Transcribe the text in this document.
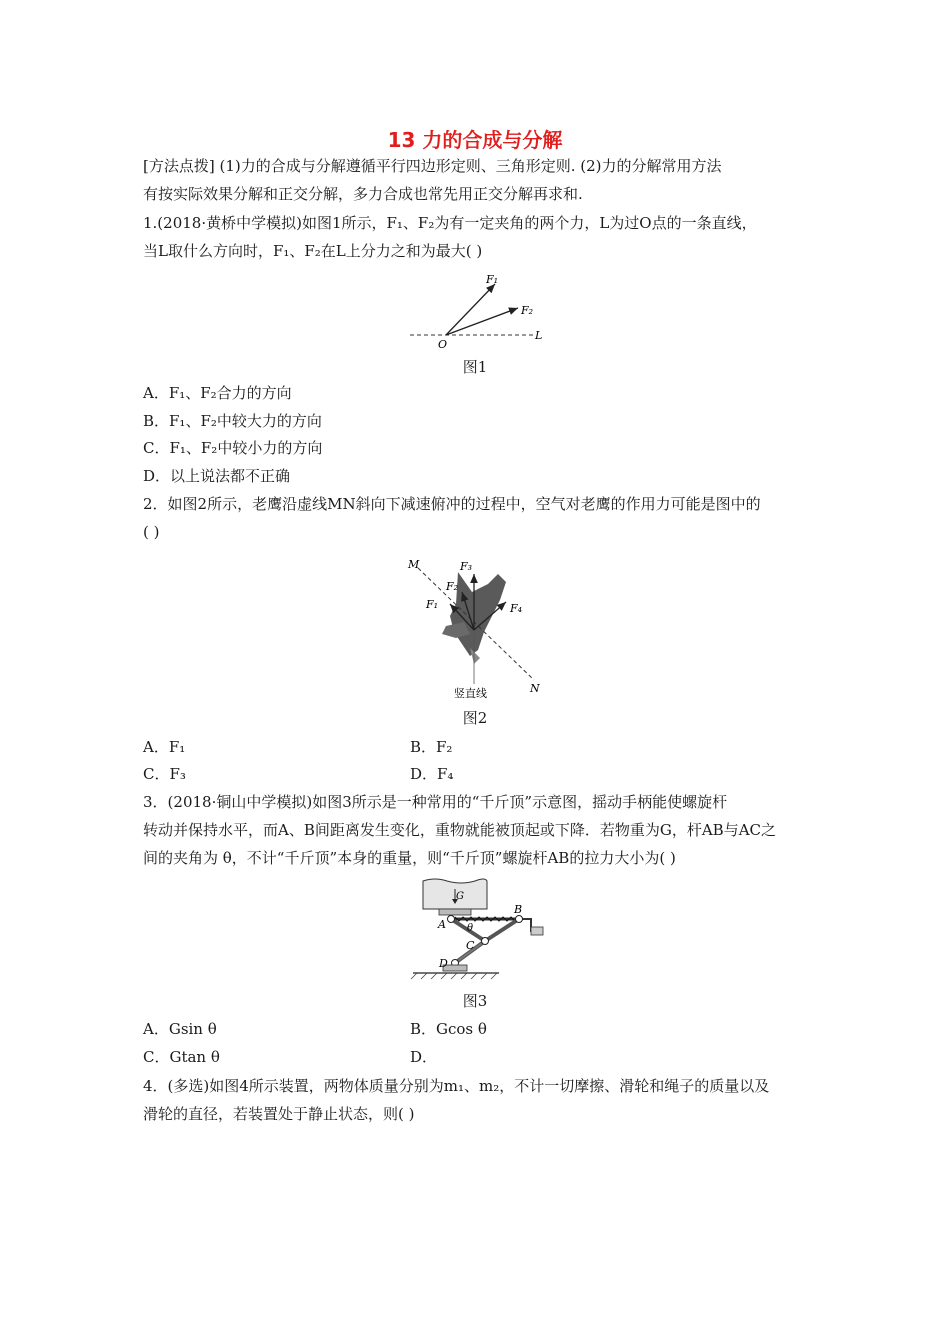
13 力的合成与分解
[方法点拨] (1)力的合成与分解遵循平行四边形定则、三角形定则. (2)力的分解常用方法
有按实际效果分解和正交分解，多力合成也常先用正交分解再求和.
1.(2018·黄桥中学模拟)如图1所示，F₁、F₂为有一定夹角的两个力，L为过O点的一条直线，
当L取什么方向时，F₁、F₂在L上分力之和为最大( )
F₁
F₂
O
L
图1
A．F₁、F₂合力的方向
B．F₁、F₂中较大力的方向
C．F₁、F₂中较小力的方向
D．以上说法都不正确
2．如图2所示，老鹰沿虚线MN斜向下减速俯冲的过程中，空气对老鹰的作用力可能是图中的
( )
M
N
F₁
F₂
F₃
F₄
竖直线
图2
A．F₁	B．F₂
C．F₃	D．F₄
3．(2018·铜山中学模拟)如图3所示是一种常用的“千斤顶”示意图，摇动手柄能使螺旋杆
转动并保持水平，而A、B间距离发生变化，重物就能被顶起或下降．若物重为G，杆AB与AC之
间的夹角为 θ，不计“千斤顶”本身的重量，则“千斤顶”螺旋杆AB的拉力大小为( )
G
A
B
C
D
θ
图3
A．Gsin θ	B．Gcos θ
C．Gtan θ	D．
4．(多选)如图4所示装置，两物体质量分别为m₁、m₂，不计一切摩擦、滑轮和绳子的质量以及
滑轮的直径，若装置处于静止状态，则( )
